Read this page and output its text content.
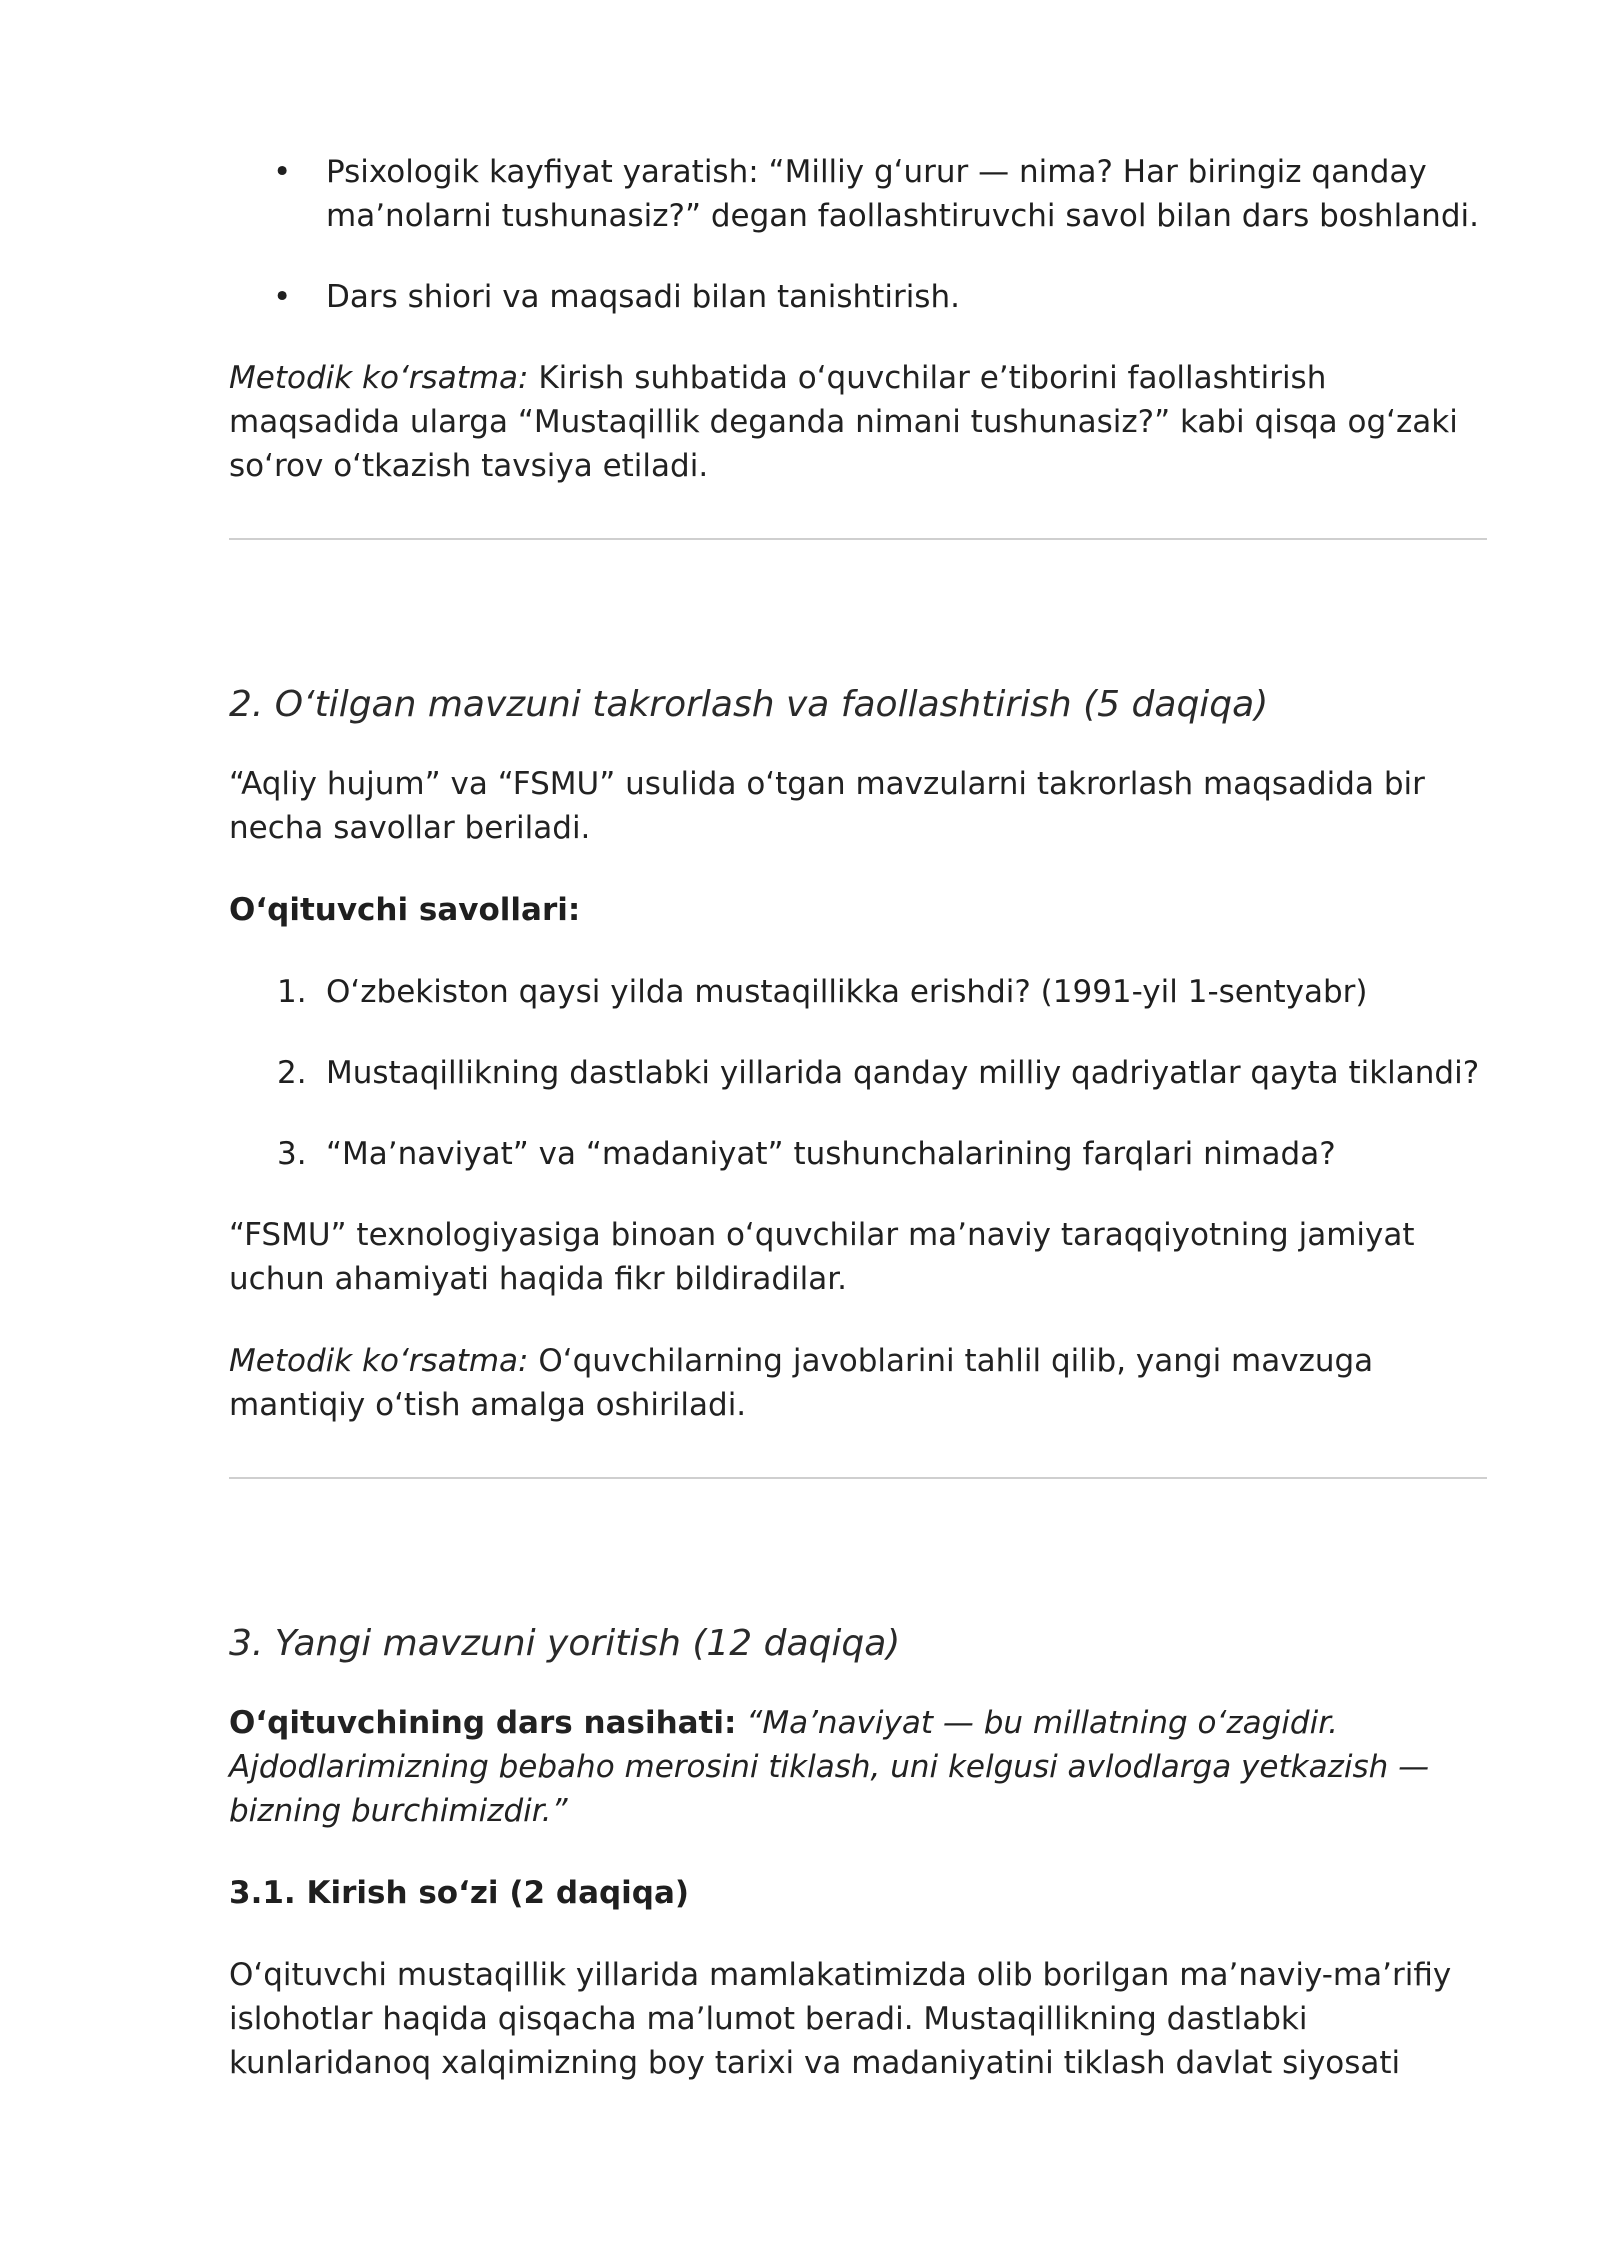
• Psixologik kayfiyat yaratish: “Milliy g‘urur — nima? Har biringiz qanday ma’nolarni tushunasiz?” degan faollashtiruvchi savol bilan dars boshlandi.
• Dars shiori va maqsadi bilan tanishtirish.

Metodik ko‘rsatma: Kirish suhbatida o‘quvchilar e’tiborini faollashtirish maqsadida ularga “Mustaqillik deganda nimani tushunasiz?” kabi qisqa og‘zaki so‘rov o‘tkazish tavsiya etiladi.

2. O‘tilgan mavzuni takrorlash va faollashtirish (5 daqiqa)

“Aqliy hujum” va “FSMU” usulida o‘tgan mavzularni takrorlash maqsadida bir necha savollar beriladi.

O‘qituvchi savollari:

1. O‘zbekiston qaysi yilda mustaqillikka erishdi? (1991-yil 1-sentyabr)
2. Mustaqillikning dastlabki yillarida qanday milliy qadriyatlar qayta tiklandi?
3. “Ma’naviyat” va “madaniyat” tushunchalarining farqlari nimada?

“FSMU” texnologiyasiga binoan o‘quvchilar ma’naviy taraqqiyotning jamiyat uchun ahamiyati haqida fikr bildiradilar.

Metodik ko‘rsatma: O‘quvchilarning javoblarini tahlil qilib, yangi mavzuga mantiqiy o‘tish amalga oshiriladi.

3. Yangi mavzuni yoritish (12 daqiqa)

O‘qituvchining dars nasihati: “Ma’naviyat — bu millatning o‘zagidir. Ajdodlarimizning bebaho merosini tiklash, uni kelgusi avlodlarga yetkazish — bizning burchimizdir.”

3.1. Kirish so‘zi (2 daqiqa)

O‘qituvchi mustaqillik yillarida mamlakatimizda olib borilgan ma’naviy-ma’rifiy islohotlar haqida qisqacha ma’lumot beradi. Mustaqillikning dastlabki kunlaridanoq xalqimizning boy tarixi va madaniyatini tiklash davlat siyosati
